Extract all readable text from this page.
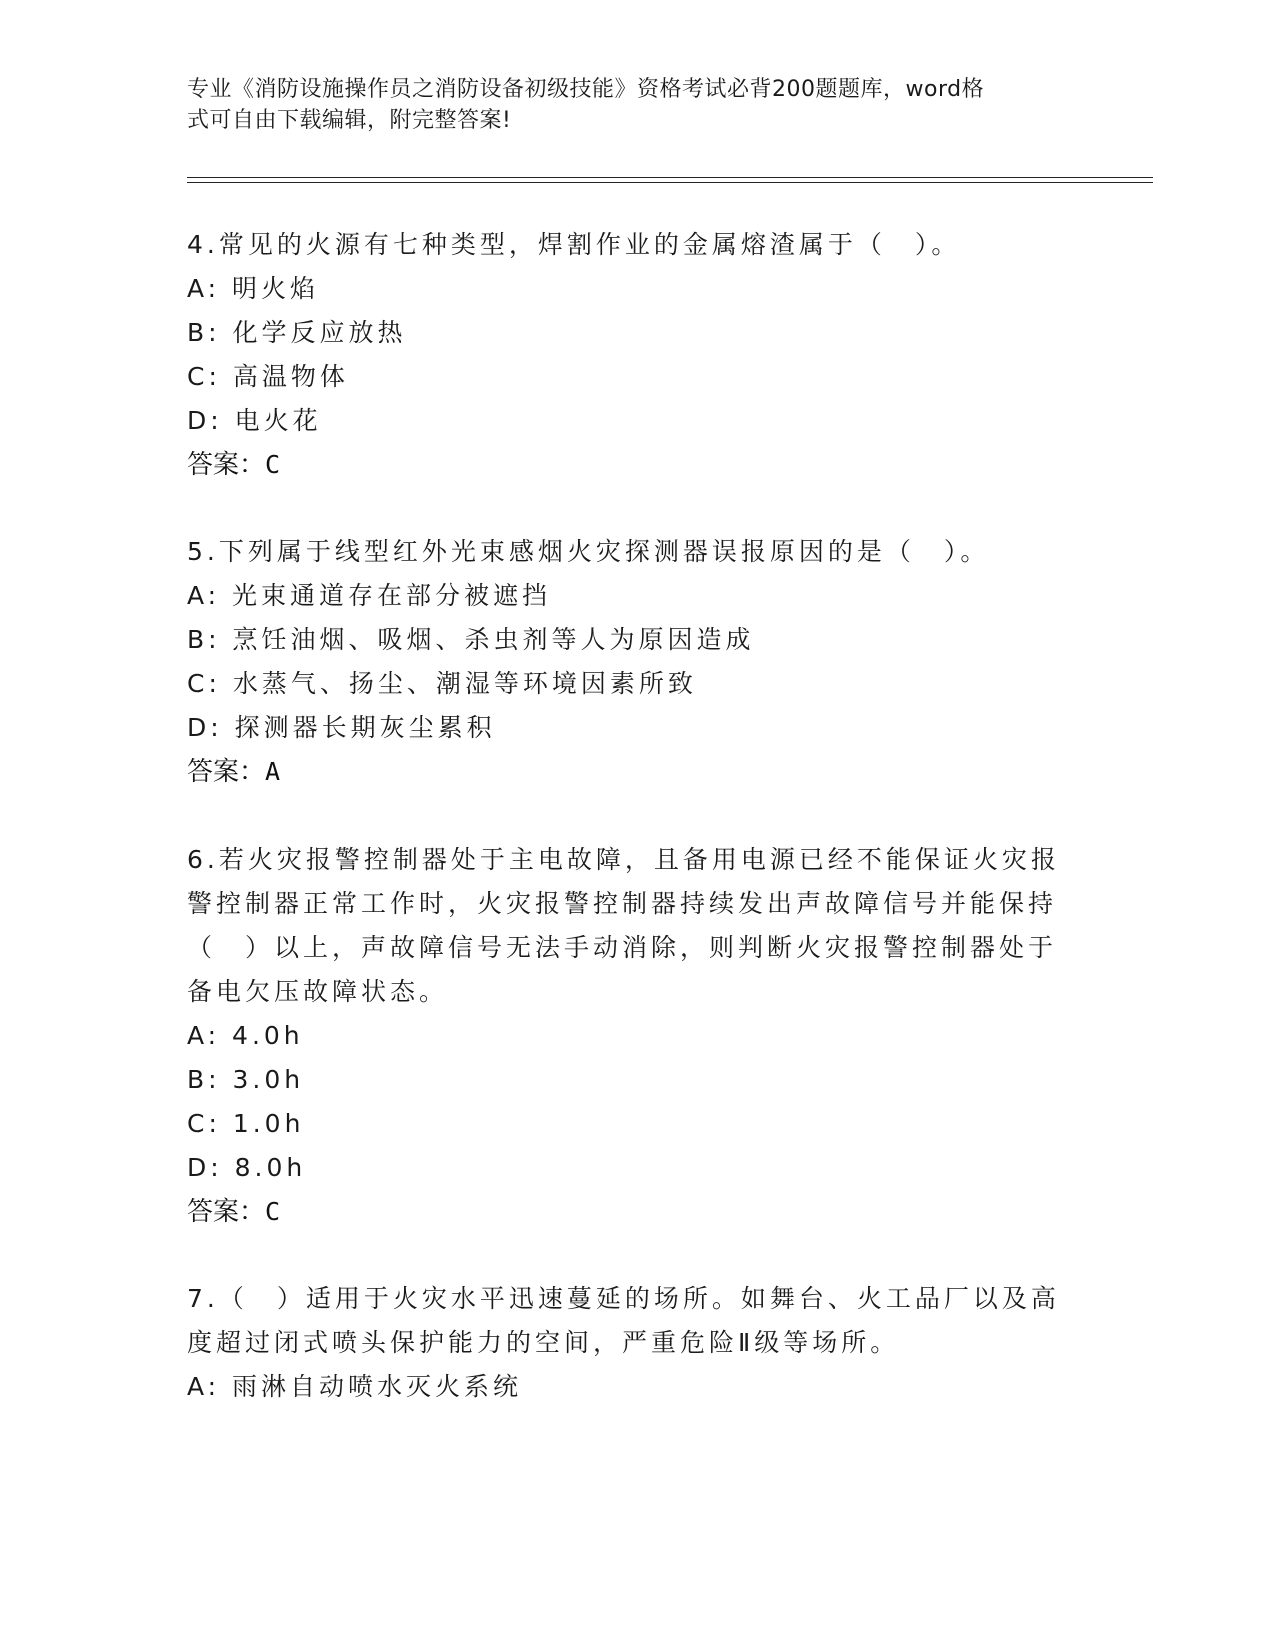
专业《消防设施操作员之消防设备初级技能》资格考试必背200题题库，word格
式可自由下载编辑，附完整答案!
4.常见的火源有七种类型，焊割作业的金属熔渣属于（　）。
A: 明火焰
B: 化学反应放热
C: 高温物体
D: 电火花
答案：C
5.下列属于线型红外光束感烟火灾探测器误报原因的是（　）。
A: 光束通道存在部分被遮挡
B: 烹饪油烟、吸烟、杀虫剂等人为原因造成
C: 水蒸气、扬尘、潮湿等环境因素所致
D: 探测器长期灰尘累积
答案：A
6.若火灾报警控制器处于主电故障，且备用电源已经不能保证火灾报
警控制器正常工作时，火灾报警控制器持续发出声故障信号并能保持
（　）以上，声故障信号无法手动消除，则判断火灾报警控制器处于
备电欠压故障状态。
A: 4.0h
B: 3.0h
C: 1.0h
D: 8.0h
答案：C
7.（　）适用于火灾水平迅速蔓延的场所。如舞台、火工品厂以及高
度超过闭式喷头保护能力的空间，严重危险Ⅱ级等场所。
A: 雨淋自动喷水灭火系统
